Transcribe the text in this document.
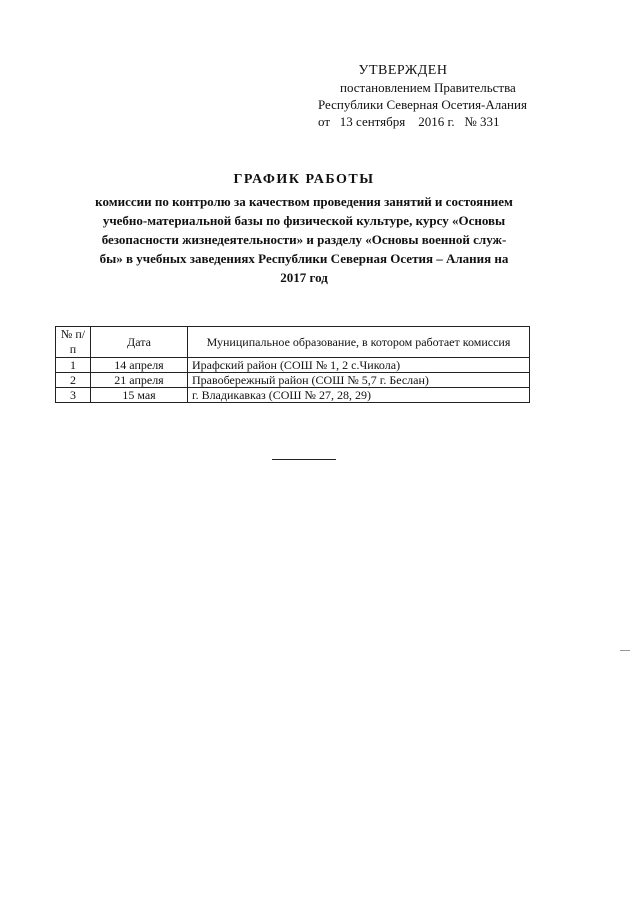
УТВЕРЖДЕН
постановлением Правительства
Республики Северная Осетия-Алания
от 13 сентября 2016 г. № 331
ГРАФИК РАБОТЫ
комиссии по контролю за качеством проведения занятий и состоянием
учебно-материальной базы по физической культуре, курсу «Основы
безопасности жизнедеятельности» и разделу «Основы военной служ-
бы» в учебных заведениях Республики Северная Осетия – Алания на
2017 год
№ п/п	Дата	Муниципальное образование, в котором работает комиссия
1	14 апреля	Ирафский район (СОШ № 1, 2 с.Чикола)
2	21 апреля	Правобережный район (СОШ № 5,7 г. Беслан)
3	15 мая	г. Владикавказ (СОШ № 27, 28, 29)
